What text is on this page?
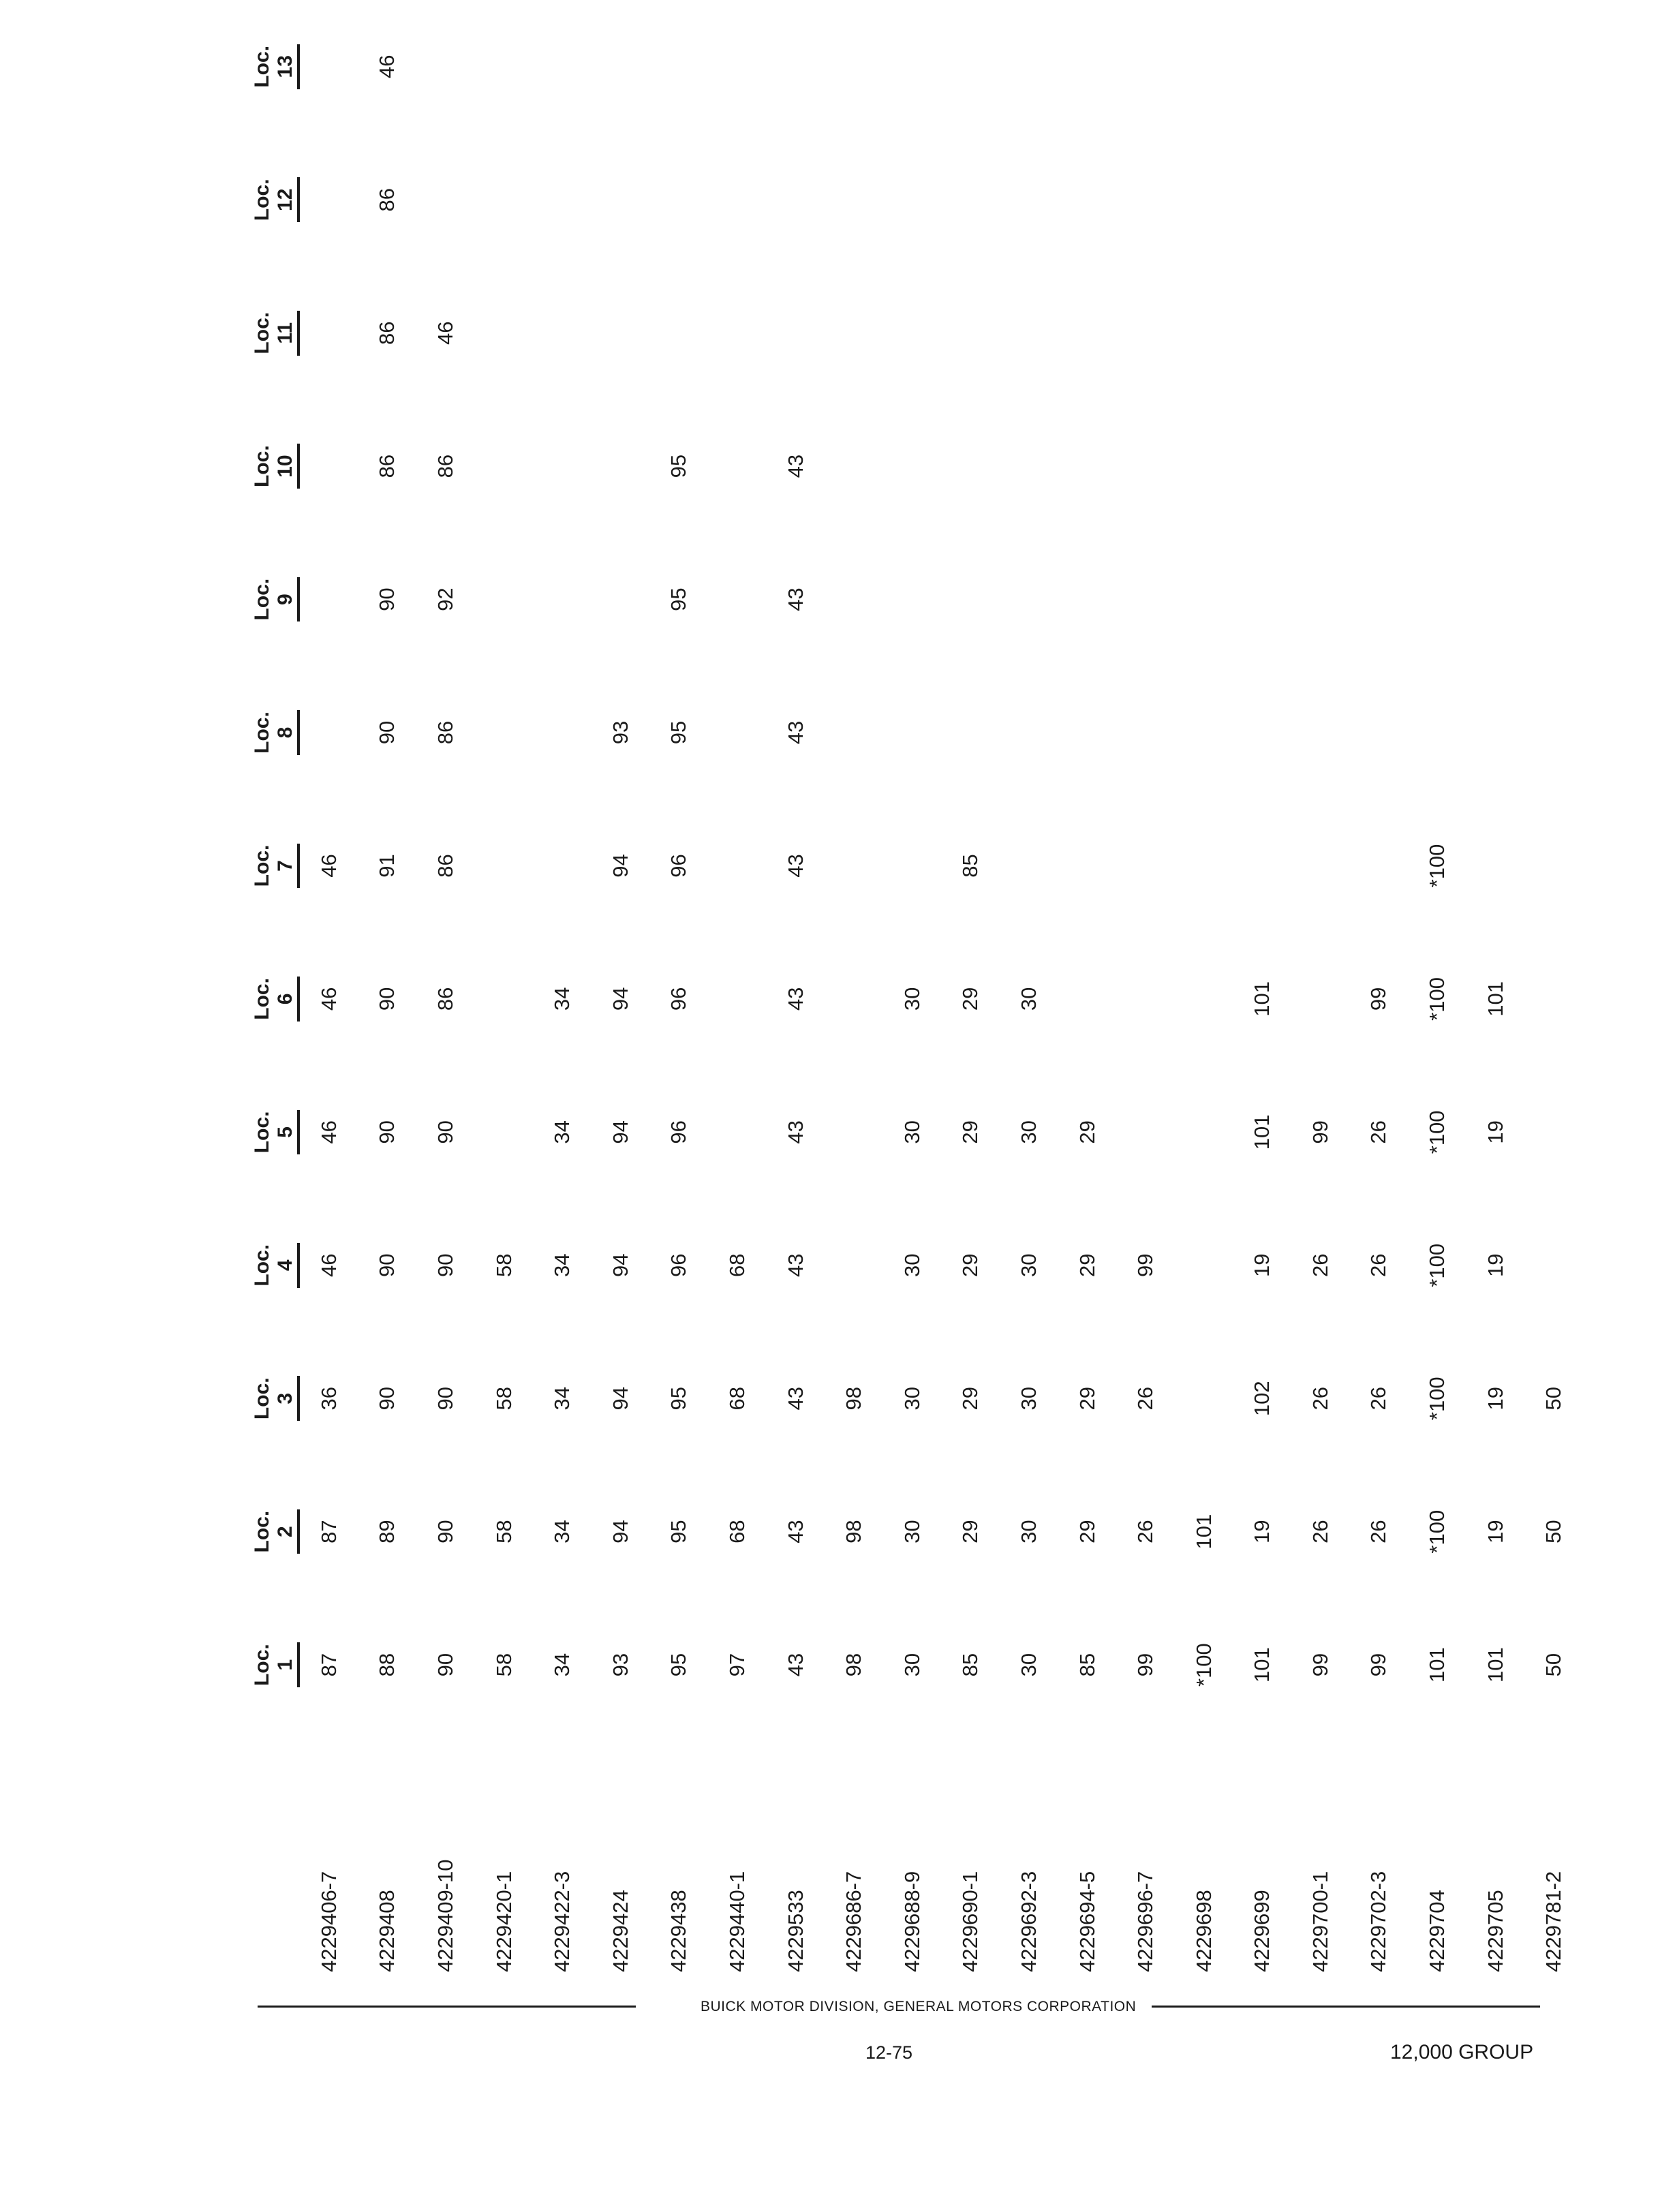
	Loc. 1	Loc. 2	Loc. 3	Loc. 4	Loc. 5	Loc. 6	Loc. 7	Loc. 8	Loc. 9	Loc. 10	Loc. 11	Loc. 12	Loc. 13

4229406-7	87	87	36	46	46	46	46						
4229408	88	89	90	90	90	90	91	90	90	86	86	86	46
4229409-10	90	90	90	90	90	86	86	86	92	86	46		
4229420-1	58	58	58	58									
4229422-3	34	34	34	34	34	34							
4229424	93	94	94	94	94	94	94	93					
4229438	95	95	95	96	96	96	96	95	95	95			
4229440-1	97	68	68	68									
4229533	43	43	43	43	43	43	43	43	43	43			
4229686-7	98	98	98										
4229688-9	30	30	30	30	30	30							
4229690-1	85	29	29	29	29	29	85						
4229692-3	30	30	30	30	30	30							
4229694-5	85	29	29	29	29								
4229696-7	99	26	26	99									
4229698	*100	101											
4229699	101	19	102	19	101	101							
4229700-1	99	26	26	26	99								
4229702-3	99	26	26	26	26	99							
4229704	101	*100	*100	*100	*100	*100	*100						
4229705	101	19	19	19	19	101							
4229781-2	50	50	50										
BUICK MOTOR DIVISION, GENERAL MOTORS CORPORATION
12-75	12,000 GROUP
